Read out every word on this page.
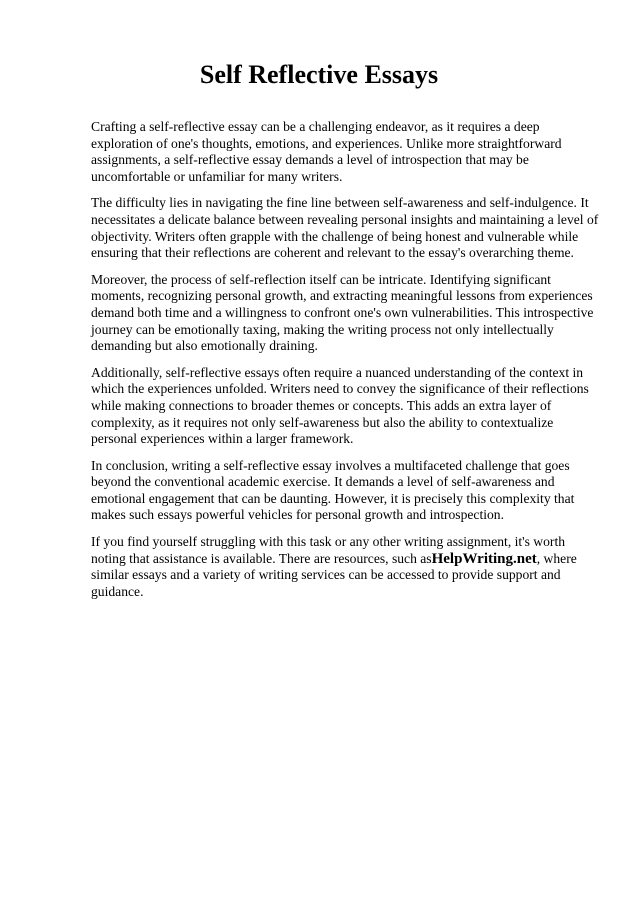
Self Reflective Essays

Crafting a self-reflective essay can be a challenging endeavor, as it requires a deep exploration of one's thoughts, emotions, and experiences. Unlike more straightforward assignments, a self-reflective essay demands a level of introspection that may be uncomfortable or unfamiliar for many writers.

The difficulty lies in navigating the fine line between self-awareness and self-indulgence. It necessitates a delicate balance between revealing personal insights and maintaining a level of objectivity. Writers often grapple with the challenge of being honest and vulnerable while ensuring that their reflections are coherent and relevant to the essay's overarching theme.

Moreover, the process of self-reflection itself can be intricate. Identifying significant moments, recognizing personal growth, and extracting meaningful lessons from experiences demand both time and a willingness to confront one's own vulnerabilities. This introspective journey can be emotionally taxing, making the writing process not only intellectually demanding but also emotionally draining.

Additionally, self-reflective essays often require a nuanced understanding of the context in which the experiences unfolded. Writers need to convey the significance of their reflections while making connections to broader themes or concepts. This adds an extra layer of complexity, as it requires not only self-awareness but also the ability to contextualize personal experiences within a larger framework.

In conclusion, writing a self-reflective essay involves a multifaceted challenge that goes beyond the conventional academic exercise. It demands a level of self-awareness and emotional engagement that can be daunting. However, it is precisely this complexity that makes such essays powerful vehicles for personal growth and introspection.

If you find yourself struggling with this task or any other writing assignment, it's worth noting that assistance is available. There are resources, such asHelpWriting.net, where similar essays and a variety of writing services can be accessed to provide support and guidance.
